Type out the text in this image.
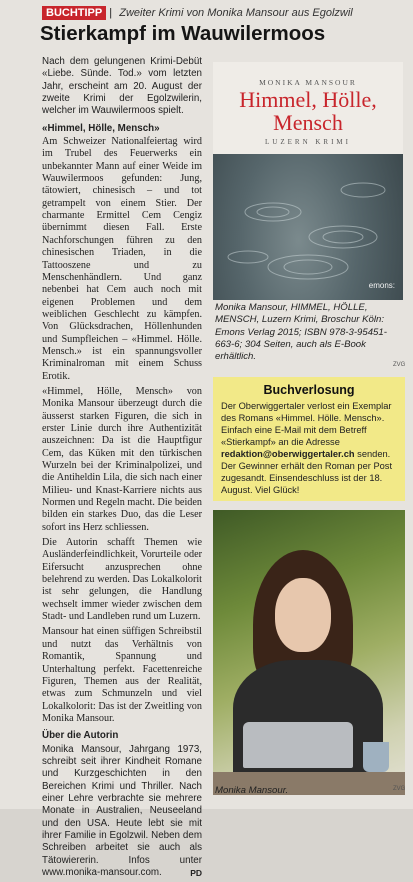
BUCHTIPP | Zweiter Krimi von Monika Mansour aus Egolzwil
Stierkampf im Wauwilermoos

Nach dem gelungenen Krimi-Debüt «Liebe. Sünde. Tod.» vom letzten Jahr, erscheint am 20. August der zweite Krimi der Egolzwilerin, welcher im Wauwilermoos spielt.

«Himmel, Hölle, Mensch»

Am Schweizer Nationalfeiertag wird im Trubel des Feuerwerks ein unbekannter Mann auf einer Weide im Wauwilermoos gefunden: Jung, tätowiert, chinesisch – und tot getrampelt von einem Stier. Der charmante Ermittel Cem Cengiz übernimmt diesen Fall. Erste Nachforschungen führen zu den chinesischen Triaden, in die Tattooszene und zu Menschenhändlern. Und ganz nebenbei hat Cem auch noch mit eigenen Problemen und dem weiblichen Geschlecht zu kämpfen. Von Glücksdrachen, Höllenhunden und Sumpfleichen – «Himmel. Hölle. Mensch.» ist ein spannungsvoller Kriminalroman mit einem Schuss Erotik.

«Himmel, Hölle, Mensch» von Monika Mansour überzeugt durch die äusserst starken Figuren, die sich in erster Linie durch ihre Authentizität auszeichnen: Da ist die Hauptfigur Cem, das Küken mit den türkischen Wurzeln bei der Kriminalpolizei, und die Antiheldin Lila, die sich nach einer Milieu- und Knast-Karriere nichts aus Normen und Regeln macht. Die beiden bilden ein starkes Duo, das die Leser sofort ins Herz schliessen.

Die Autorin schafft Themen wie Ausländerfeindlichkeit, Vorurteile oder Eifersucht anzusprechen ohne belehrend zu werden. Das Lokalkolorit ist sehr gelungen, die Handlung wechselt immer wieder zwischen dem Stadt- und Landleben rund um Luzern.

Mansour hat einen süffigen Schreibstil und nutzt das Verhältnis von Romantik, Spannung und Unterhaltung perfekt. Facettenreiche Figuren, Themen aus der Realität, etwas zum Schmunzeln und viel Lokalkolorit: Das ist der Zweitling von Monika Mansour.

Über die Autorin

Monika Mansour, Jahrgang 1973, schreibt seit ihrer Kindheit Romane und Kurzgeschichten in den Bereichen Krimi und Thriller. Nach einer Lehre verbrachte sie mehrere Monate in Australien, Neuseeland und den USA. Heute lebt sie mit ihrer Familie in Egolzwil. Neben dem Schreiben arbeitet sie auch als Tätowiererin. Infos unter www.monika-mansour.com.	PD

MONIKA MANSOUR
Himmel, Hölle,
Mensch
LUZERN KRIMI
emons:
Monika Mansour, HIMMEL, HÖLLE, MENSCH, Luzern Krimi, Broschur Köln: Emons Verlag 2015; ISBN 978-3-95451-663-6; 304 Seiten, auch als E-Book erhältlich.
ZVG
Buchverlosung
Der Oberwiggertaler verlost ein Exemplar des Romans «Himmel. Hölle. Mensch». Einfach eine E-Mail mit dem Betreff «Stierkampf» an die Adresse redaktion@oberwiggertaler.ch senden. Der Gewinner erhält den Roman per Post zugesandt. Einsendeschluss ist der 18. August. Viel Glück!
Monika Mansour.	ZVG
